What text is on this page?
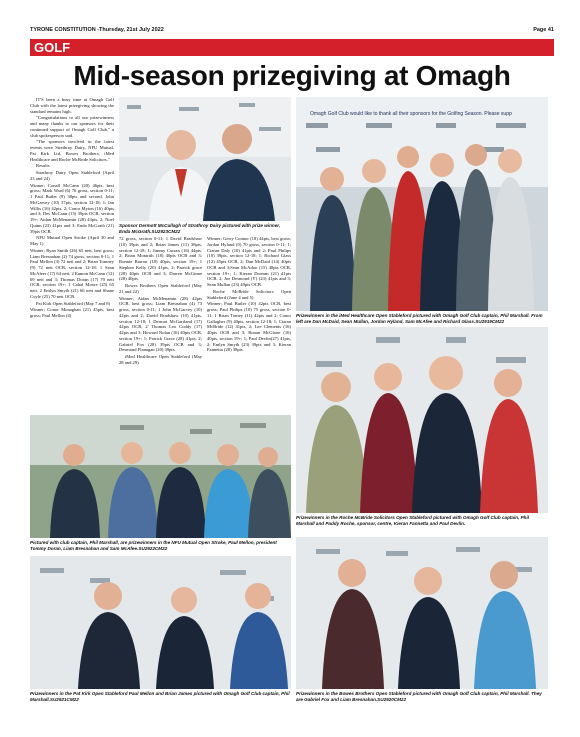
TYRONE CONSTITUTION -Thursday, 21st July 2022	Page 41
GOLF
Mid-season prizegiving at Omagh

IT'S been a busy time at Omagh Golf Club with the latest prizegiving showing the standard remains high.

"Congratulations to all our prizewinners and many thanks to our sponsors for their continued support of Omagh Golf Club," a club spokesperson said.

"The sponsors involved in the latest events were Strathroy Dairy, NFU Mutual, Pat Kirk Ltd, Bowes Brothers, iMed Healthcare and Roche McBride Solicitors."

Results

Strathroy Dairy Open Stableford (April 23 and 24)

Winner; Conall McCann (20) 46pts, best gross; Mark Ward (6) 76 gross, section 0-11; 1 Paul Butler (9) 38pts and second, John McGarvey (10) 37pts, section 12-18; 1; Ian Willis (16) 42pts, 2; Conor Myton (16) 40pts and 3; Des McCann (15) 39pts OCB, section 19+; Aidan McMenamin (28) 43pts, 2; Noel Quinn (23) 41pts and 3; Enda McGrath (21) 39pts OCB.

NFU Mutual Open Stroke (April 30 and May 1)

Winner; Ryan Smith (26) 65 nett, best gross; Liam Bresnahan (2) 74 gross, section 0-11; 1 Paul Mellon (3) 72 nett and 2; Brian Tomney (9) 72 nett OCB, section 12-18; 1 Sean McAleer (17) 64 nett, 2 Eamon McCann (12) 69 nett and 3; Thomas Doran (17) 70 nett OCB, section 19+; 1 Cahal Moore (25) 65 nett, 2 Emlyn Smyth (21) 66 nett and Shane Coyle (25) 70 nett OCB.

Pat Kirk Open Stableford (May 7 and 8)

Winner; Conor Monaghan (21) 45pts, best gross; Paul Mellon (4)

72 gross, section 0-11; 1 David Bradshaw (10) 39pts and 2; Brian James (11) 38pts, section 12-18; 1; Jimmy Curran (16) 44pts, 2; Brian Montrith (18) 40pts OCB and 3; Ronnie Barron (18) 40pts, section 19+; 1 Stephen Kelly (20) 41pts, 2; Patrick grace (28) 40pts OCB and 3; Darren McGinne (28) 40pts.

Bowes Brothers Open Stableford (May 21 and 22)

Winner; Aidan McMenamin (28) 42pts OCB, best gross; Liam Bresnahan (4) 73 gross, section 0-11; 1 John McGarvey (10) 42pts and 2; David Bradshaw (10) 41pts, section 12-18; 1 Dermot McGarrland (17) 42pts OCB, 2' Thomas Leo Coddy (17) 42pts and 3; Howard Nolan (16) 40pts OCB, section 19+; 1; Patrick Grace (28) 41pts, 2; Gabriel Fox (28) 39pts OCB and 3; Desmond Flanagan (20) 39pts.

iMed Healthcare Open Stableford (May 28 and 29)

Winner; Gerry Connor (18) 44pts, best gross; Jordan Hyland (0) 70 gross, section 0-11; 1; Ciaran Daly (10) 41pts and 2; Paul Philips (10) 39pts, section 12-18; 1; Richard Glass (12) 45pts OCB, 2; Dan McDaid (14) 40pts OCB and 3;Sean McAdoo (15) 40pts OCB, section 19+; 1; Kieran Dromm (21) 41pts OCB, 2; Joe Desmond (V) (23) 41pts and 3; Sean Mullan (23) 40pts OCB.

Roche McBride Solicitors Open Stableford (June 4 and 5)

Winner; Paul Butler (10) 42pts OCB, best gross; Paul Philips (10) 75 gross, section 0-11; 1 Brian Tomey (11) 42pts and 2; Conor Gallagher (9) 40pts, section 12-18; 1; Ciaran McBride (12) 41pts, 2; Lee Clements (16) 40pts OCB and 3; Ronan McGlone (16) 40pts, section 19+; 1; Paul Devlin(27) 41pts, 2; Emlyn Smyth (23) 39pts and 3; Kieran Fannetta (28) 38pts.

Sponsor Dermott McCullagh of Strathroy Dairy pictured with prize winner, Enda McGrath.SU2923CM22
Omagh Golf Club would like to thank all their sponsors for the Golfing Season. Please supp
Prizewinners in the iMed Healthcare Open Stableford pictured with Omagh Golf Club captain, Phil Marshall. From left are Dan McDaid, Sean Mullan, Jordan Hyland, Sam McAfee and Richard Glass.SU2919CM22
Prizewinners in the Roche McBride Solicitors Open Stableford pictured with Omagh Golf Club captain, Phil Marshall and Paddy Roche, sponsor, centre, Kieran Fannetta and Paul Devlin.
Pictured with club captain, Phil Marshall, are prizewinners in the NFU Mutual Open Stroke, Paul Mellon, president Tommy Doran, Liam Bresnahan and Sam McAfee.SU2922CM22
Prizewinners in the Pat Kirk Open Stableford Paul Mellon and Brian James pictured with Omagh Golf Club captain, Phil Marshall.SU2921CM22
Prizewinners in the Bowes Brothers Open Stableford pictured with Omagh Golf Club captain, Phil Marshall. They are Gabriel Fox and Liam Bresnahan.SU2920CM22
